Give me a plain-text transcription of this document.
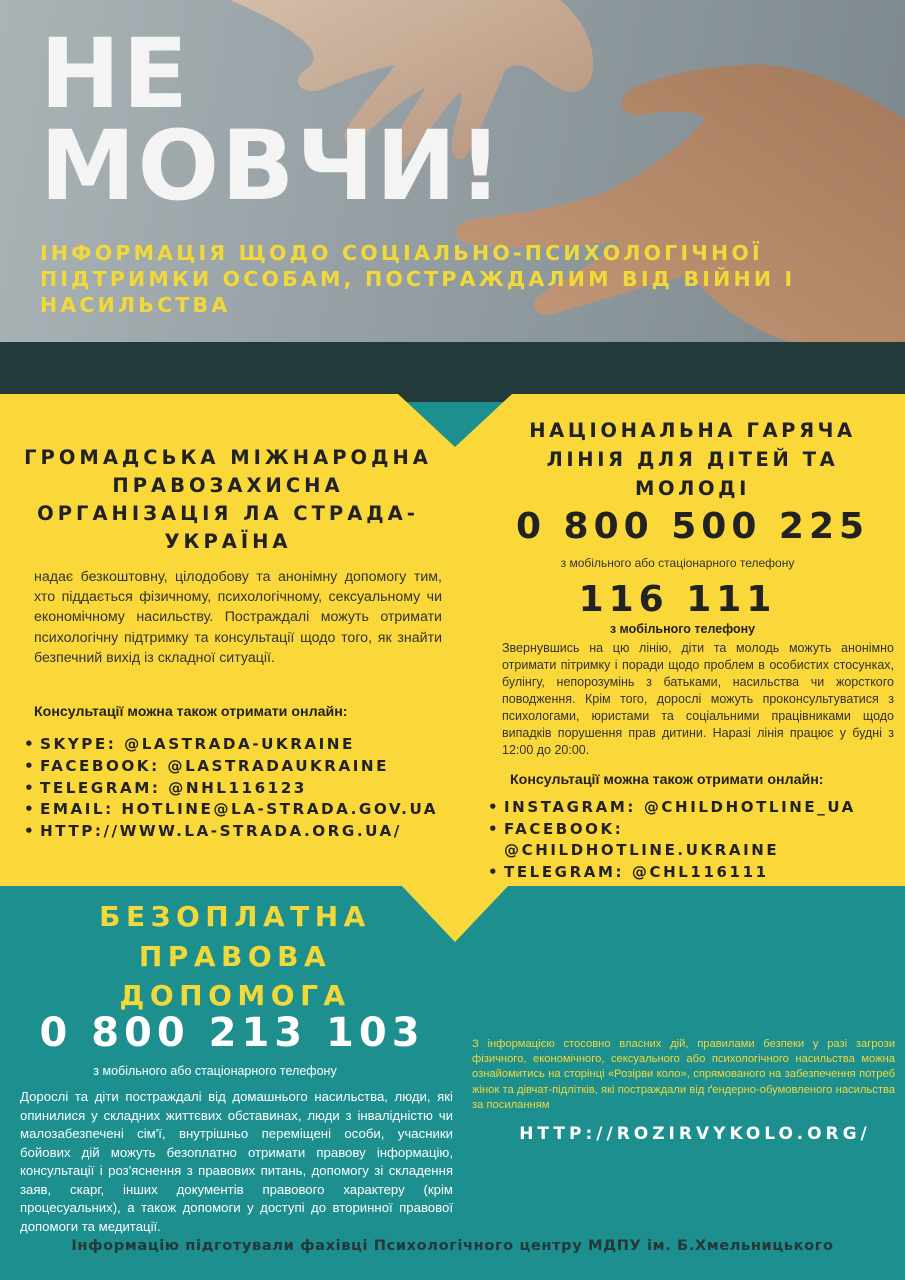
НЕ
МОВЧИ!

ІНФОРМАЦІЯ ЩОДО СОЦІАЛЬНО-ПСИХОЛОГІЧНОЇ ПІДТРИМКИ ОСОБАМ, ПОСТРАЖДАЛИМ ВІД ВІЙНИ І НАСИЛЬСТВА

ГРОМАДСЬКА МІЖНАРОДНА ПРАВОЗАХИСНА ОРГАНІЗАЦІЯ ЛА СТРАДА-УКРАЇНА

надає безкоштовну, цілодобову та анонімну допомогу тим, хто піддається фізичному, психологічному, сексуальному чи економічному насильству. Постраждалі можуть отримати психологічну підтримку та консультації щодо того, як знайти безпечний вихід із складної ситуації.

Консультації можна також отримати онлайн:

• SKYPE: @LASTRADA-UKRAINE
• FACEBOOK: @LASTRADAUKRAINE
• TELEGRAM: @NHL116123
• EMAIL: HOTLINE@LA-STRADA.GOV.UA
• HTTP://WWW.LA-STRADA.ORG.UA/
НАЦІОНАЛЬНА ГАРЯЧА ЛІНІЯ ДЛЯ ДІТЕЙ ТА МОЛОДІ

0 800 500 225

з мобільного або стаціонарного телефону

116 111

з мобільного телефону

Звернувшись на цю лінію, діти та молодь можуть анонімно отримати пітримку і поради щодо проблем в особистих стосунках, булінгу, непорозумінь з батьками, насильства чи жорсткого поводження. Крім того, дорослі можуть проконсультуватися з психологами, юристами та соціальними працівниками щодо випадків порушення прав дитини. Наразі лінія працює у будні з 12:00 до 20:00.

Консультації можна також отримати онлайн:

• INSTAGRAM: @CHILDHOTLINE_UA
• FACEBOOK: @CHILDHOTLINE.UKRAINE
• TELEGRAM: @CHL116111
БЕЗОПЛАТНА ПРАВОВА ДОПОМОГА

0 800 213 103

з мобільного або стаціонарного телефону

Дорослі та діти постраждалі від домашнього насильства, люди, які опинилися у складних життєвих обставинах, люди з інвалідністю чи малозабезпечені сім'ї, внутрішньо переміщені особи, учасники бойових дій можуть безоплатно отримати правову інформацію, консультації і роз'яснення з правових питань, допомогу зі складення заяв, скарг, інших документів правового характеру (крім процесуальних), а також допомоги у доступі до вторинної правової допомоги та медитації.

З інформацією стосовно власних дій, правилами безпеки у разі загрози фізичного, економічного, сексуального або психологічного насильства можна ознайомитись на сторінці «Розірви коло», спрямованого на забезпечення потреб жінок та дівчат-підлітків, які постраждали від ґендерно-обумовленого насильства за посиланням

HTTP://ROZIRVYKOLO.ORG/

Інформацію підготували фахівці Психологічного центру МДПУ ім. Б.Хмельницького
